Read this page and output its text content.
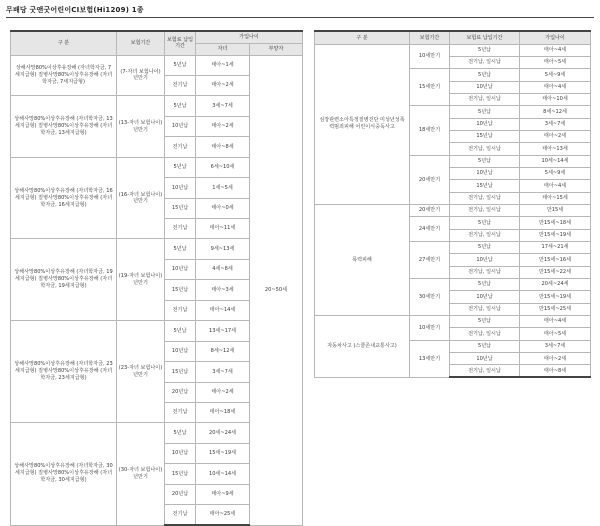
무배당 굿앤굿어린이CI보험(Hi1209) 1종
구 분	보험기간	보험료 납입기간	가입나이	
			자녀	부양자
상해사망80%이상후유장해 (자녀학자금, 7세지급형) 질병사망80%이상후유장해 (자녀학자금, 7세지급형)	(7-자녀 보험나이)년만기	5년납	태아~1세	20~50세
		전기납	태아~2세	
상해사망80%이상후유장해 (자녀학자금, 13세지급형) 질병사망80%이상후유장해 (자녀학자금, 13세지급형)	(13-자녀 보험나이)년만기	5년납	3세~7세	
		10년납	태아~2세	
		전기납	태아~8세	
상해사망80%이상후유장해 (자녀학자금, 16세지급형) 질병사망80%이상후유장해 (자녀학자금, 16세지급형)	(16-자녀 보험나이)년만기	5년납	6세~10세	
		10년납	1세~5세	
		15년납	태아~0세	
		전기납	태아~11세	
상해사망80%이상후유장해 (자녀학자금, 19세지급형) 질병사망80%이상후유장해 (자녀학자금, 19세지급형)	(19-자녀 보험나이)년만기	5년납	9세~13세	
		10년납	4세~8세	
		15년납	태아~3세	
		전기납	태아~14세	
상해사망80%이상후유장해 (자녀학자금, 23세지급형) 질병사망80%이상후유장해 (자녀학자금, 23세지급형)	(23-자녀 보험나이)년만기	5년납	13세~17세	
		10년납	8세~12세	
		15년납	3세~7세	
		20년납	태아~2세	
		전기납	태아~18세	
상해사망80%이상후유장해 (자녀학자금, 30세지급형) 질병사망80%이상후유장해 (자녀학자금, 30세지급형)	(30-자녀 보험나이)년만기	5년납	20세~24세	
		10년납	15세~19세	
		15년납	10세~14세	
		20년납	태아~9세	
		전기납	태아~25세	
구 분	보험기간	보험료 납입기간	가입나이
심장관련소아특정질병진단 미성년성폭력범죄피해 어린이식중독사고	10세만기	5년납	태아~4세
		전기납, 일시납	태아~5세
	15세만기	5년납	5세~9세
		10년납	태아~4세
		전기납, 일시납	태아~10세
	18세만기	5년납	8세~12세
		10년납	3세~7세
		15년납	태아~2세
		전기납, 일시납	태아~13세
	20세만기	5년납	10세~14세
		10년납	5세~9세
		15년납	태아~4세
		전기납, 일시납	태아~15세
폭력피해	20세만기	전기납, 일시납	만15세
	24세만기	5년납	만15세~18세
		전기납, 일시납	만15세~19세
	27세만기	5년납	17세~21세
		10년납	만15세~16세
		전기납, 일시납	만15세~22세
	30세만기	5년납	20세~24세
		10년납	만15세~19세
		전기납, 일시납	만15세~25세
자동차사고 (스쿨존내교통사고)	10세만기	5년납	태아~4세
		전기납, 일시납	태아~5세
	13세만기	5년납	3세~7세
		10년납	태아~2세
		전기납, 일시납	태아~8세
